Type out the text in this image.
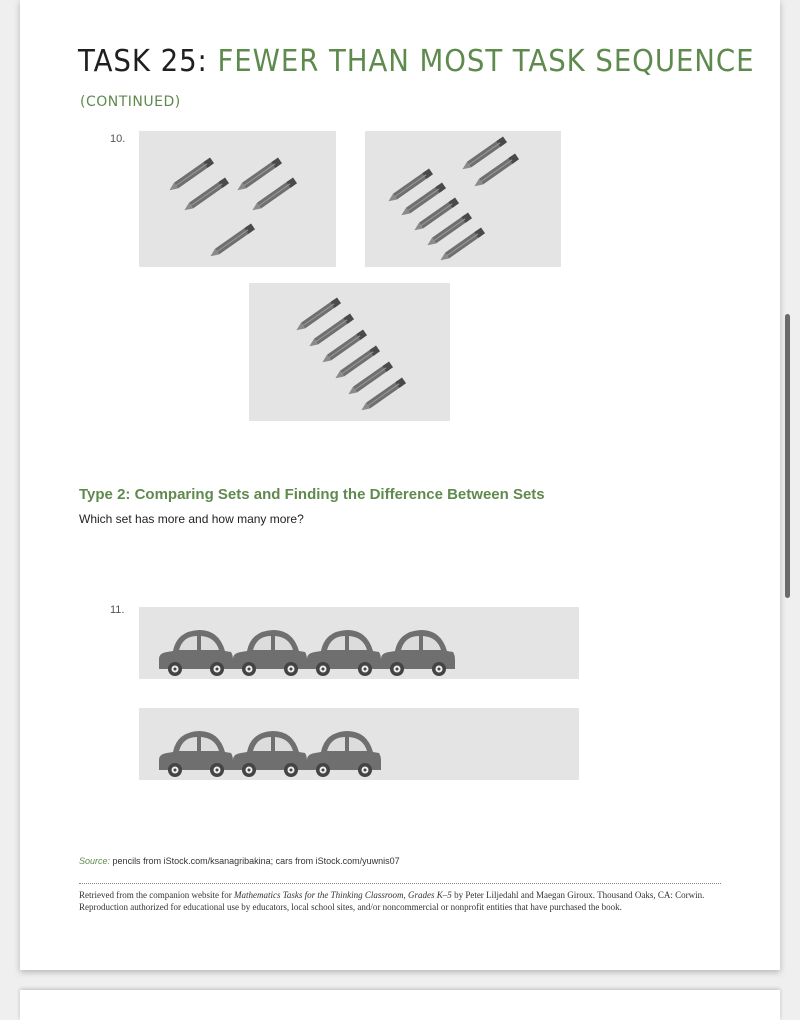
TASK 25: FEWER THAN MOST TASK SEQUENCE
(CONTINUED)
10.
Type 2: Comparing Sets and Finding the Difference Between Sets
Which set has more and how many more?
11.
Source: pencils from iStock.com/ksanagribakina; cars from iStock.com/yuwnis07
Retrieved from the companion website for Mathematics Tasks for the Thinking Classroom, Grades K–5 by Peter Liljedahl and Maegan Giroux. Thousand Oaks, CA: Corwin. Reproduction authorized for educational use by educators, local school sites, and/or noncommercial or nonprofit entities that have purchased the book.
